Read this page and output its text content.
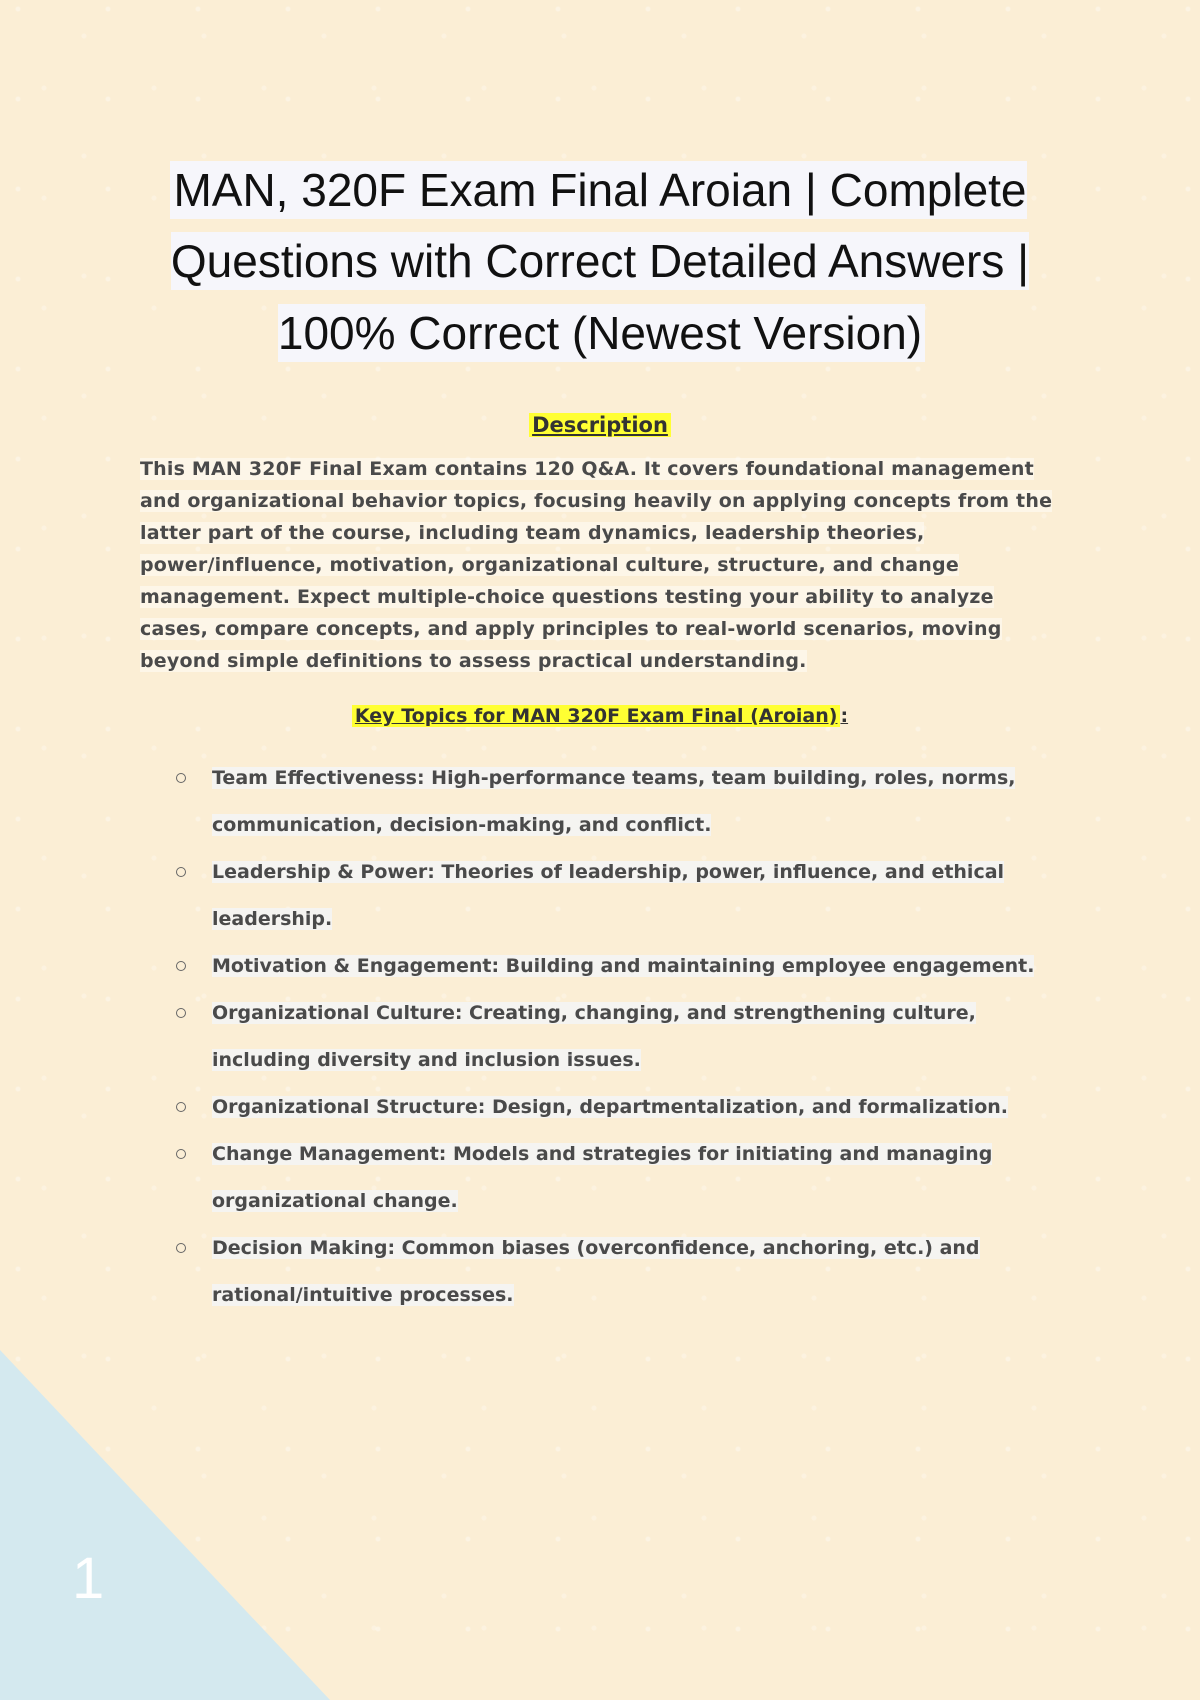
1
MAN, 320F Exam Final Aroian | Complete Questions with Correct Detailed Answers | 100% Correct (Newest Version)
Description
This MAN 320F Final Exam contains 120 Q&A. It covers foundational management and organizational behavior topics, focusing heavily on applying concepts from the latter part of the course, including team dynamics, leadership theories, power/influence, motivation, organizational culture, structure, and change management. Expect multiple-choice questions testing your ability to analyze cases, compare concepts, and apply principles to real-world scenarios, moving beyond simple definitions to assess practical understanding.
Key Topics for MAN 320F Exam Final (Aroian) :
Team Effectiveness: High-performance teams, team building, roles, norms, communication, decision-making, and conflict.
Leadership & Power: Theories of leadership, power, influence, and ethical leadership.
Motivation & Engagement: Building and maintaining employee engagement.
Organizational Culture: Creating, changing, and strengthening culture, including diversity and inclusion issues.
Organizational Structure: Design, departmentalization, and formalization.
Change Management: Models and strategies for initiating and managing organizational change.
Decision Making: Common biases (overconfidence, anchoring, etc.) and rational/intuitive processes.
